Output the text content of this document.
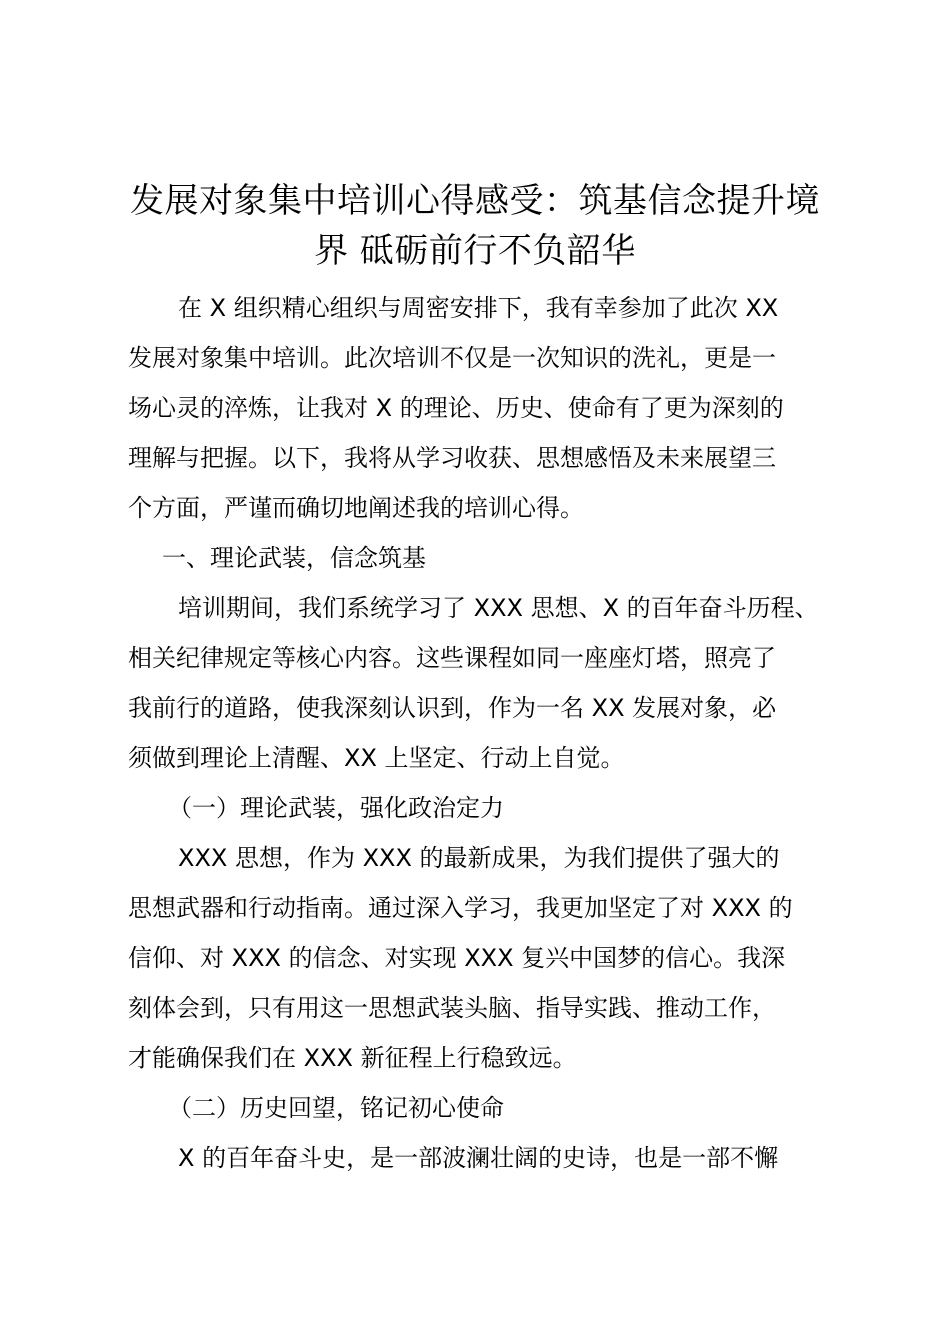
发展对象集中培训心得感受：筑基信念提升境
界 砥砺前行不负韶华

在 X 组织精心组织与周密安排下，我有幸参加了此次 XX
发展对象集中培训。此次培训不仅是一次知识的洗礼，更是一
场心灵的淬炼，让我对 X 的理论、历史、使命有了更为深刻的
理解与把握。以下，我将从学习收获、思想感悟及未来展望三
个方面，严谨而确切地阐述我的培训心得。

一、理论武装，信念筑基

培训期间，我们系统学习了 XXX 思想、X 的百年奋斗历程、
相关纪律规定等核心内容。这些课程如同一座座灯塔，照亮了
我前行的道路，使我深刻认识到，作为一名 XX 发展对象，必
须做到理论上清醒、XX 上坚定、行动上自觉。

（一）理论武装，强化政治定力

XXX 思想，作为 XXX 的最新成果，为我们提供了强大的
思想武器和行动指南。通过深入学习，我更加坚定了对 XXX 的
信仰、对 XXX 的信念、对实现 XXX 复兴中国梦的信心。我深
刻体会到，只有用这一思想武装头脑、指导实践、推动工作，
才能确保我们在 XXX 新征程上行稳致远。

（二）历史回望，铭记初心使命

X 的百年奋斗史，是一部波澜壮阔的史诗，也是一部不懈
